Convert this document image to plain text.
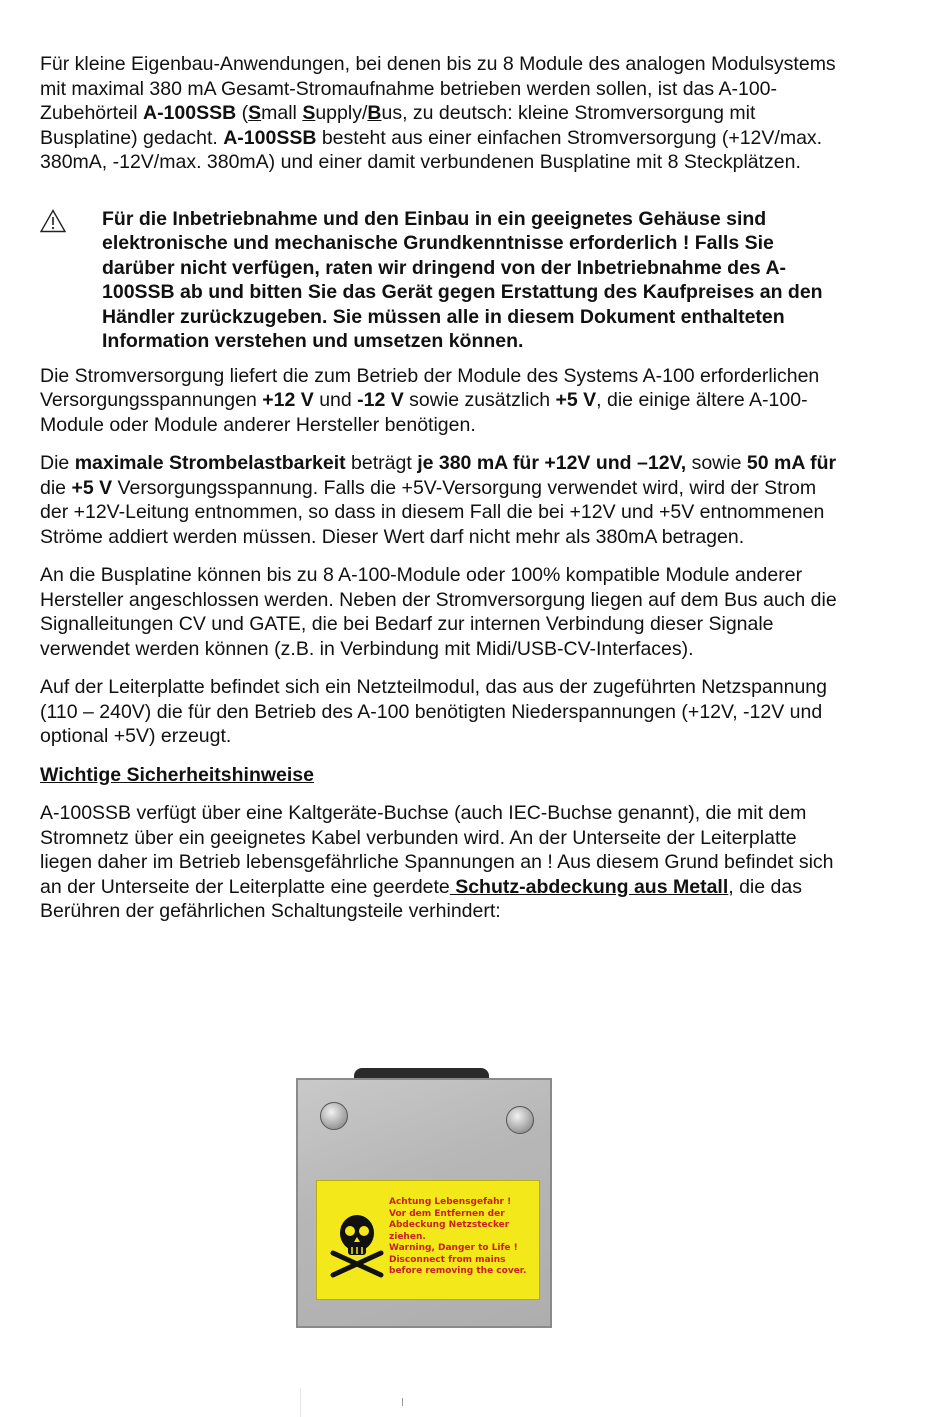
Für kleine Eigenbau-Anwendungen, bei denen bis zu 8 Module des analogen Modulsystems mit maximal 380 mA Gesamt-Stromaufnahme betrieben werden sollen, ist das A-100-Zubehörteil A-100SSB (Small Supply/Bus, zu deutsch: kleine Stromversorgung mit Busplatine) gedacht. A-100SSB besteht aus einer einfachen Stromversorgung (+12V/max. 380mA, -12V/max. 380mA) und einer damit verbundenen Busplatine mit 8 Steckplätzen.

Für die Inbetriebnahme und den Einbau in ein geeignetes Gehäuse sind elektronische und mechanische Grundkenntnisse erforderlich ! Falls Sie darüber nicht verfügen, raten wir dringend von der Inbetriebnahme des A-100SSB ab und bitten Sie das Gerät gegen Erstattung des Kaufpreises an den Händler zurückzugeben. Sie müssen alle in diesem Dokument enthalteten Information verstehen und umsetzen können.

Die Stromversorgung liefert die zum Betrieb der Module des Systems A-100 erforderlichen Versorgungsspannungen +12 V und -12 V sowie zusätzlich +5 V, die einige ältere A-100-Module oder Module anderer Hersteller benötigen.

Die maximale Strombelastbarkeit beträgt je 380 mA für +12V und –12V, sowie 50 mA für die +5 V Versorgungsspannung. Falls die +5V-Versorgung verwendet wird, wird der Strom der +12V-Leitung entnommen, so dass in diesem Fall die bei +12V und +5V entnommenen Ströme addiert werden müssen. Dieser Wert darf nicht mehr als 380mA betragen.

An die Busplatine können bis zu 8 A-100-Module oder 100% kompatible Module anderer Hersteller angeschlossen werden. Neben der Stromversorgung liegen auf dem Bus auch die Signalleitungen CV und GATE, die bei Bedarf zur internen Verbindung dieser Signale verwendet werden können (z.B. in Verbindung mit Midi/USB-CV-Interfaces).

Auf der Leiterplatte befindet sich ein Netzteilmodul, das aus der zugeführten Netzspannung (110 – 240V) die für den Betrieb des A-100 benötigten Niederspannungen (+12V, -12V und optional +5V) erzeugt.

Wichtige Sicherheitshinweise

A-100SSB verfügt über eine Kaltgeräte-Buchse (auch IEC-Buchse genannt), die mit dem Stromnetz über ein geeignetes Kabel verbunden wird. An der Unterseite der Leiterplatte liegen daher im Betrieb lebensgefährliche Spannungen an ! Aus diesem Grund befindet sich an der Unterseite der Leiterplatte eine geerdete Schutz-abdeckung aus Metall, die das Berühren der gefährlichen Schaltungsteile verhindert:

Achtung Lebensgefahr !
Vor dem Entfernen der
Abdeckung Netzstecker
ziehen.
Warning, Danger to Life !
Disconnect from mains
before removing the cover.
